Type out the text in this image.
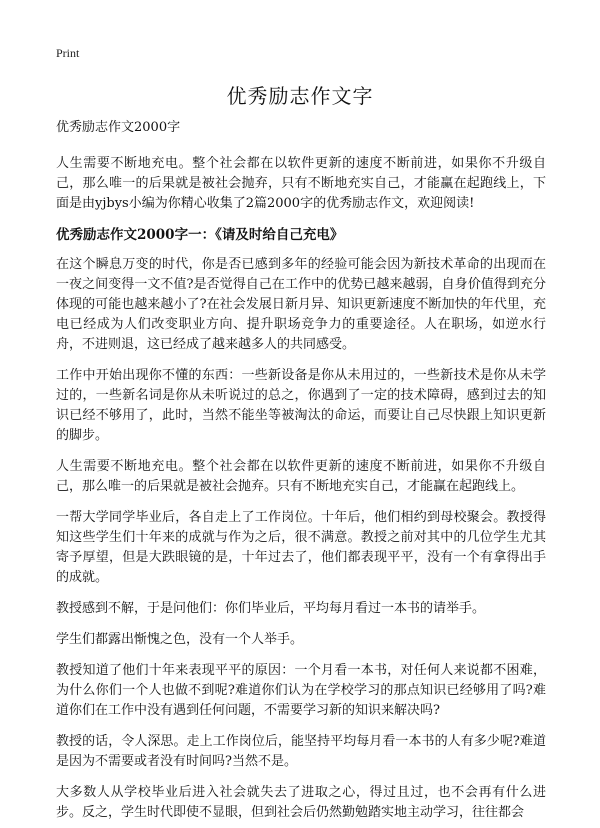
Print
优秀励志作文字

优秀励志作文2000字

人生需要不断地充电。整个社会都在以软件更新的速度不断前进，如果你不升级自己，那么唯一的后果就是被社会抛弃，只有不断地充实自己，才能赢在起跑线上，下面是由yjbys小编为你精心收集了2篇2000字的优秀励志作文，欢迎阅读!

优秀励志作文2000字一：《请及时给自己充电》

在这个瞬息万变的时代，你是否已感到多年的经验可能会因为新技术革命的出现而在一夜之间变得一文不值?是否觉得自己在工作中的优势已越来越弱，自身价值得到充分体现的可能也越来越小了?在社会发展日新月异、知识更新速度不断加快的年代里，充电已经成为人们改变职业方向、提升职场竞争力的重要途径。人在职场，如逆水行舟，不进则退，这已经成了越来越多人的共同感受。

工作中开始出现你不懂的东西：一些新设备是你从未用过的，一些新技术是你从未学过的，一些新名词是你从未听说过的总之，你遇到了一定的技术障碍，感到过去的知识已经不够用了，此时，当然不能坐等被淘汰的命运，而要让自己尽快跟上知识更新的脚步。

人生需要不断地充电。整个社会都在以软件更新的速度不断前进，如果你不升级自己，那么唯一的后果就是被社会抛弃。只有不断地充实自己，才能赢在起跑线上。

一帮大学同学毕业后，各自走上了工作岗位。十年后，他们相约到母校聚会。教授得知这些学生们十年来的成就与作为之后，很不满意。教授之前对其中的几位学生尤其寄予厚望，但是大跌眼镜的是，十年过去了，他们都表现平平，没有一个有拿得出手的成就。

教授感到不解，于是问他们：你们毕业后，平均每月看过一本书的请举手。

学生们都露出惭愧之色，没有一个人举手。

教授知道了他们十年来表现平平的原因：一个月看一本书，对任何人来说都不困难，为什么你们一个人也做不到呢?难道你们认为在学校学习的那点知识已经够用了吗?难道你们在工作中没有遇到任何问题，不需要学习新的知识来解决吗?

教授的话，令人深思。走上工作岗位后，能坚持平均每月看一本书的人有多少呢?难道是因为不需要或者没有时间吗?当然不是。

大多数人从学校毕业后进入社会就失去了进取之心，得过且过，也不会再有什么进步。反之，学生时代即使不显眼，但到社会后仍然勤勉踏实地主动学习，往往都会
